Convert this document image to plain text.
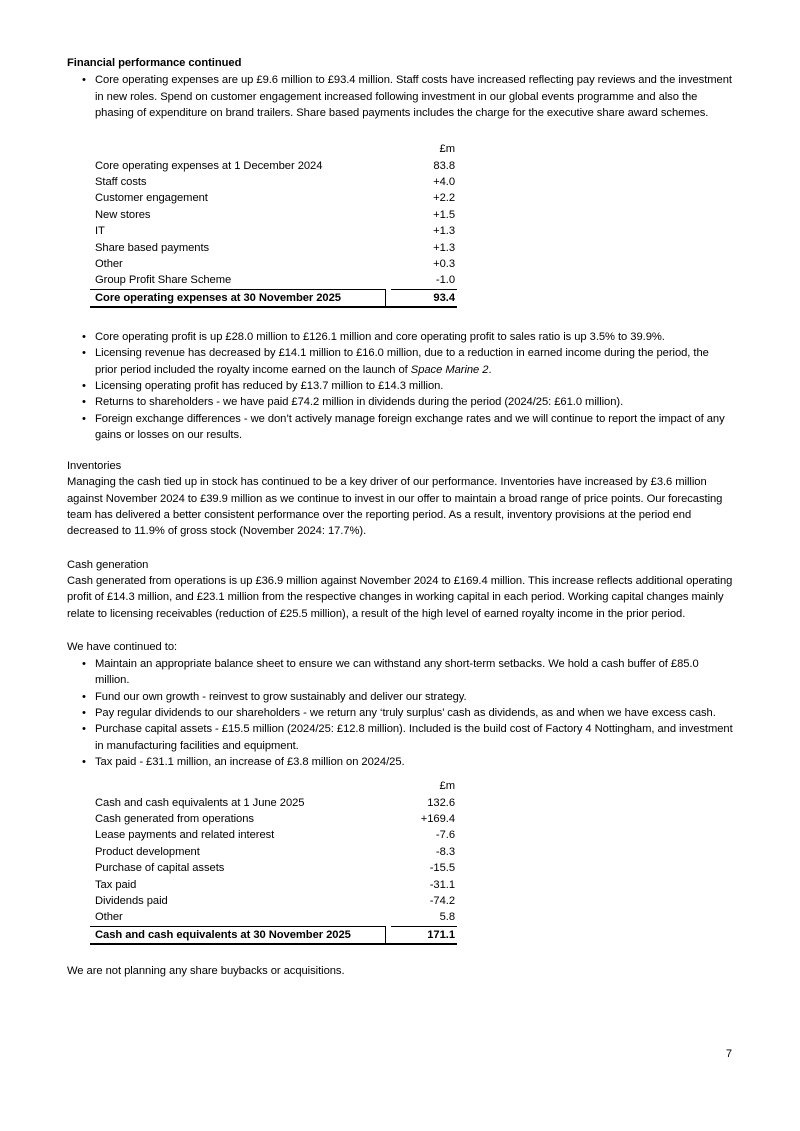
Financial performance continued
• Core operating expenses are up £9.6 million to £93.4 million. Staff costs have increased reflecting pay reviews and the investment in new roles. Spend on customer engagement increased following investment in our global events programme and also the phasing of expenditure on brand trailers. Share based payments includes the charge for the executive share award schemes.
		£m
Core operating expenses at 1 December 2024		83.8
Staff costs		+4.0
Customer engagement		+2.2
New stores		+1.5
IT		+1.3
Share based payments		+1.3
Other		+0.3
Group Profit Share Scheme		-1.0
Core operating expenses at 30 November 2025		93.4
• Core operating profit is up £28.0 million to £126.1 million and core operating profit to sales ratio is up 3.5% to 39.9%.
• Licensing revenue has decreased by £14.1 million to £16.0 million, due to a reduction in earned income during the period, the prior period included the royalty income earned on the launch of Space Marine 2.
• Licensing operating profit has reduced by £13.7 million to £14.3 million.
• Returns to shareholders - we have paid £74.2 million in dividends during the period (2024/25: £61.0 million).
• Foreign exchange differences - we don’t actively manage foreign exchange rates and we will continue to report the impact of any gains or losses on our results.
Inventories

Managing the cash tied up in stock has continued to be a key driver of our performance. Inventories have increased by £3.6 million against November 2024 to £39.9 million as we continue to invest in our offer to maintain a broad range of price points. Our forecasting team has delivered a better consistent performance over the reporting period. As a result, inventory provisions at the period end decreased to 11.9% of gross stock (November 2024: 17.7%).

Cash generation

Cash generated from operations is up £36.9 million against November 2024 to £169.4 million. This increase reflects additional operating profit of £14.3 million, and £23.1 million from the respective changes in working capital in each period. Working capital changes mainly relate to licensing receivables (reduction of £25.5 million), a result of the high level of earned royalty income in the prior period.

We have continued to:

• Maintain an appropriate balance sheet to ensure we can withstand any short-term setbacks. We hold a cash buffer of £85.0 million.
• Fund our own growth - reinvest to grow sustainably and deliver our strategy.
• Pay regular dividends to our shareholders - we return any ‘truly surplus’ cash as dividends, as and when we have excess cash.
• Purchase capital assets - £15.5 million (2024/25: £12.8 million). Included is the build cost of Factory 4 Nottingham, and investment in manufacturing facilities and equipment.
• Tax paid - £31.1 million, an increase of £3.8 million on 2024/25.
		£m
Cash and cash equivalents at 1 June 2025		132.6
Cash generated from operations		+169.4
Lease payments and related interest		-7.6
Product development		-8.3
Purchase of capital assets		-15.5
Tax paid		-31.1
Dividends paid		-74.2
Other		5.8
Cash and cash equivalents at 30 November 2025		171.1

We are not planning any share buybacks or acquisitions.

7
